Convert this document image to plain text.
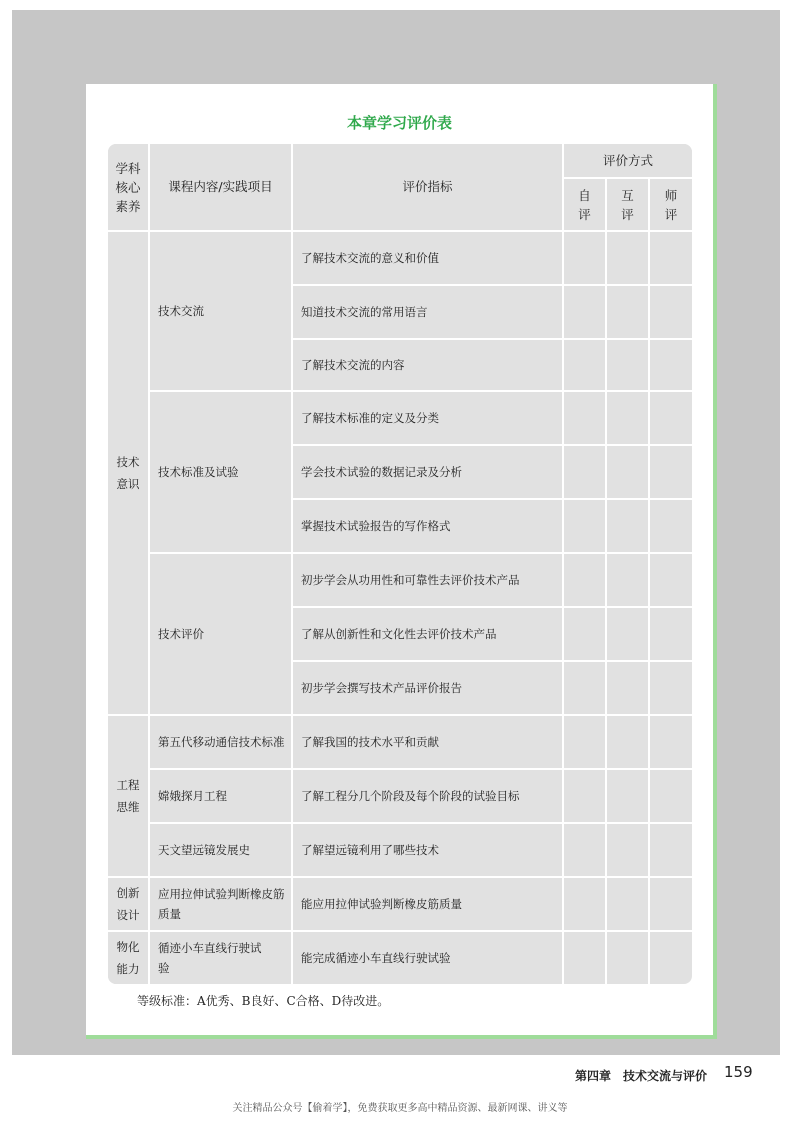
本章学习评价表
学科核心素养
课程内容/实践项目	评价指标
评价方式
自评
互评
师评
技术意识
工程思维
创新设计
物化能力
技术交流
技术标准及试验
技术评价
第五代移动通信技术标准
嫦娥探月工程
天文望远镜发展史
应用拉伸试验判断橡皮筋质量
循迹小车直线行驶试验
了解技术交流的意义和价值
知道技术交流的常用语言
了解技术交流的内容
了解技术标准的定义及分类
学会技术试验的数据记录及分析
掌握技术试验报告的写作格式
初步学会从功用性和可靠性去评价技术产品
了解从创新性和文化性去评价技术产品
初步学会撰写技术产品评价报告
了解我国的技术水平和贡献
了解工程分几个阶段及每个阶段的试验目标
了解望远镜利用了哪些技术
能应用拉伸试验判断橡皮筋质量
能完成循迹小车直线行驶试验
等级标准：A优秀、B良好、C合格、D待改进。
第四章　技术交流与评价 159
关注精品公众号【偷着学】，免费获取更多高中精品资源、最新网课、讲义等
